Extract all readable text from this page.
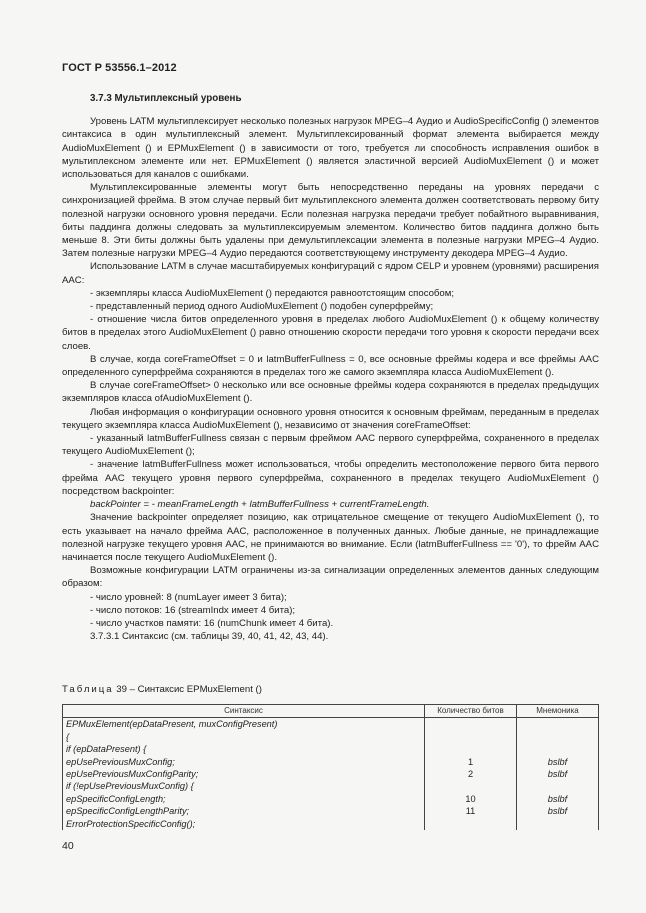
ГОСТ Р 53556.1–2012
3.7.3 Мультиплексный уровень

Уровень LATM мультиплексирует несколько полезных нагрузок MPEG–4 Аудио и AudioSpecificConfig () элементов синтаксиса в один мультиплексный элемент. Мультиплексированный формат элемента выбирается между AudioMuxElement () и EPMuxElement () в зависимости от того, требуется ли способность исправления ошибок в мультиплексном элементе или нет. EPMuxElement () является эластичной версией AudioMuxElement () и может использоваться для каналов с ошибками.

Мультиплексированные элементы могут быть непосредственно переданы на уровнях передачи с синхронизацией фрейма. В этом случае первый бит мультиплексного элемента должен соответствовать первому биту полезной нагрузки основного уровня передачи. Если полезная нагрузка передачи требует побайтного выравнивания, биты паддинга должны следовать за мультиплексируемым элементом. Количество битов паддинга должно быть меньше 8. Эти биты должны быть удалены при демультиплексации элемента в полезные нагрузки MPEG–4 Аудио. Затем полезные нагрузки MPEG–4 Аудио передаются соответствующему инструменту декодера MPEG–4 Аудио.

Использование LATM в случае масштабируемых конфигураций с ядром CELP и уровнем (уровнями) расширения AAC:

- экземпляры класса AudioMuxElement () передаются равноотстоящим способом;

- представленный период одного AudioMuxElement () подобен суперфрейму;

- отношение числа битов определенного уровня в пределах любого AudioMuxElement () к общему количеству битов в пределах этого AudioMuxElement () равно отношению скорости передачи того уровня к скорости передачи всех слоев.

В случае, когда coreFrameOffset = 0 и latmBufferFullness = 0, все основные фреймы кодера и все фреймы AAC определенного суперфрейма сохраняются в пределах того же самого экземпляра класса AudioMuxElement ().

В случае coreFrameOffset> 0 несколько или все основные фреймы кодера сохраняются в пределах предыдущих экземпляров класса ofAudioMuxElement ().

Любая информация о конфигурации основного уровня относится к основным фреймам, переданным в пределах текущего экземпляра класса AudioMuxElement (), независимо от значения coreFrameOffset:

- указанный latmBufferFullness связан с первым фреймом AAC первого суперфрейма, сохраненного в пределах текущего AudioMuxElement ();

- значение latmBufferFullness может использоваться, чтобы определить местоположение первого бита первого фрейма AAC текущего уровня первого суперфрейма, сохраненного в пределах текущего AudioMuxElement () посредством backpointer:

backPointer = - meanFrameLength + latmBufferFullness + currentFrameLength.

Значение backpointer определяет позицию, как отрицательное смещение от текущего AudioMuxElement (), то есть указывает на начало фрейма AAC, расположенное в полученных данных. Любые данные, не принадлежащие полезной нагрузке текущего уровня AAC, не принимаются во внимание. Если (latmBufferFullness == '0'), то фрейм AAC начинается после текущего AudioMuxElement ().

Возможные конфигурации LATM ограничены из-за сигнализации определенных элементов данных следующим образом:

- число уровней: 8 (numLayer имеет 3 бита);

- число потоков: 16 (streamIndx имеет 4 бита);

- число участков памяти: 16 (numChunk имеет 4 бита).

3.7.3.1 Синтаксис (см. таблицы 39, 40, 41, 42, 43, 44).

Таблица 39 – Синтаксис EPMuxElement ()
Синтаксис	Количество битов	Мнемоника
EPMuxElement(epDataPresent, muxConfigPresent)		
{		
if (epDataPresent) {		
epUsePreviousMuxConfig;	1	bslbf
epUsePreviousMuxConfigParity;	2	bslbf
if (!epUsePreviousMuxConfig) {		
epSpecificConfigLength;	10	bslbf
epSpecificConfigLengthParity;	11	bslbf
ErrorProtectionSpecificConfig();		
40
